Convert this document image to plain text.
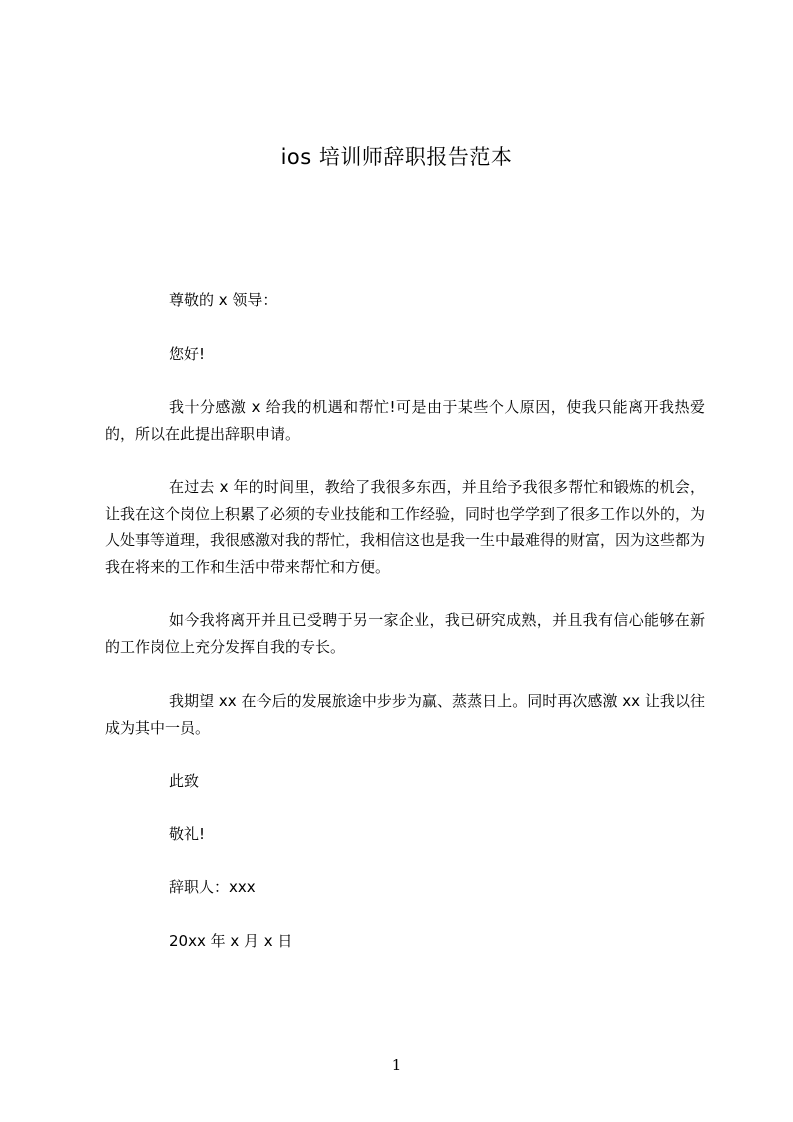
ios 培训师辞职报告范本
尊敬的 x 领导：
您好!
我十分感激 x 给我的机遇和帮忙!可是由于某些个人原因，使我只能离开我热爱的，所以在此提出辞职申请。
在过去 x 年的时间里，教给了我很多东西，并且给予我很多帮忙和锻炼的机会，让我在这个岗位上积累了必须的专业技能和工作经验，同时也学学到了很多工作以外的，为人处事等道理，我很感激对我的帮忙，我相信这也是我一生中最难得的财富，因为这些都为我在将来的工作和生活中带来帮忙和方便。
如今我将离开并且已受聘于另一家企业，我已研究成熟，并且我有信心能够在新的工作岗位上充分发挥自我的专长。
我期望 xx 在今后的发展旅途中步步为赢、蒸蒸日上。同时再次感激 xx 让我以往成为其中一员。
此致
敬礼!
辞职人：xxx
20xx 年 x 月 x 日
1
